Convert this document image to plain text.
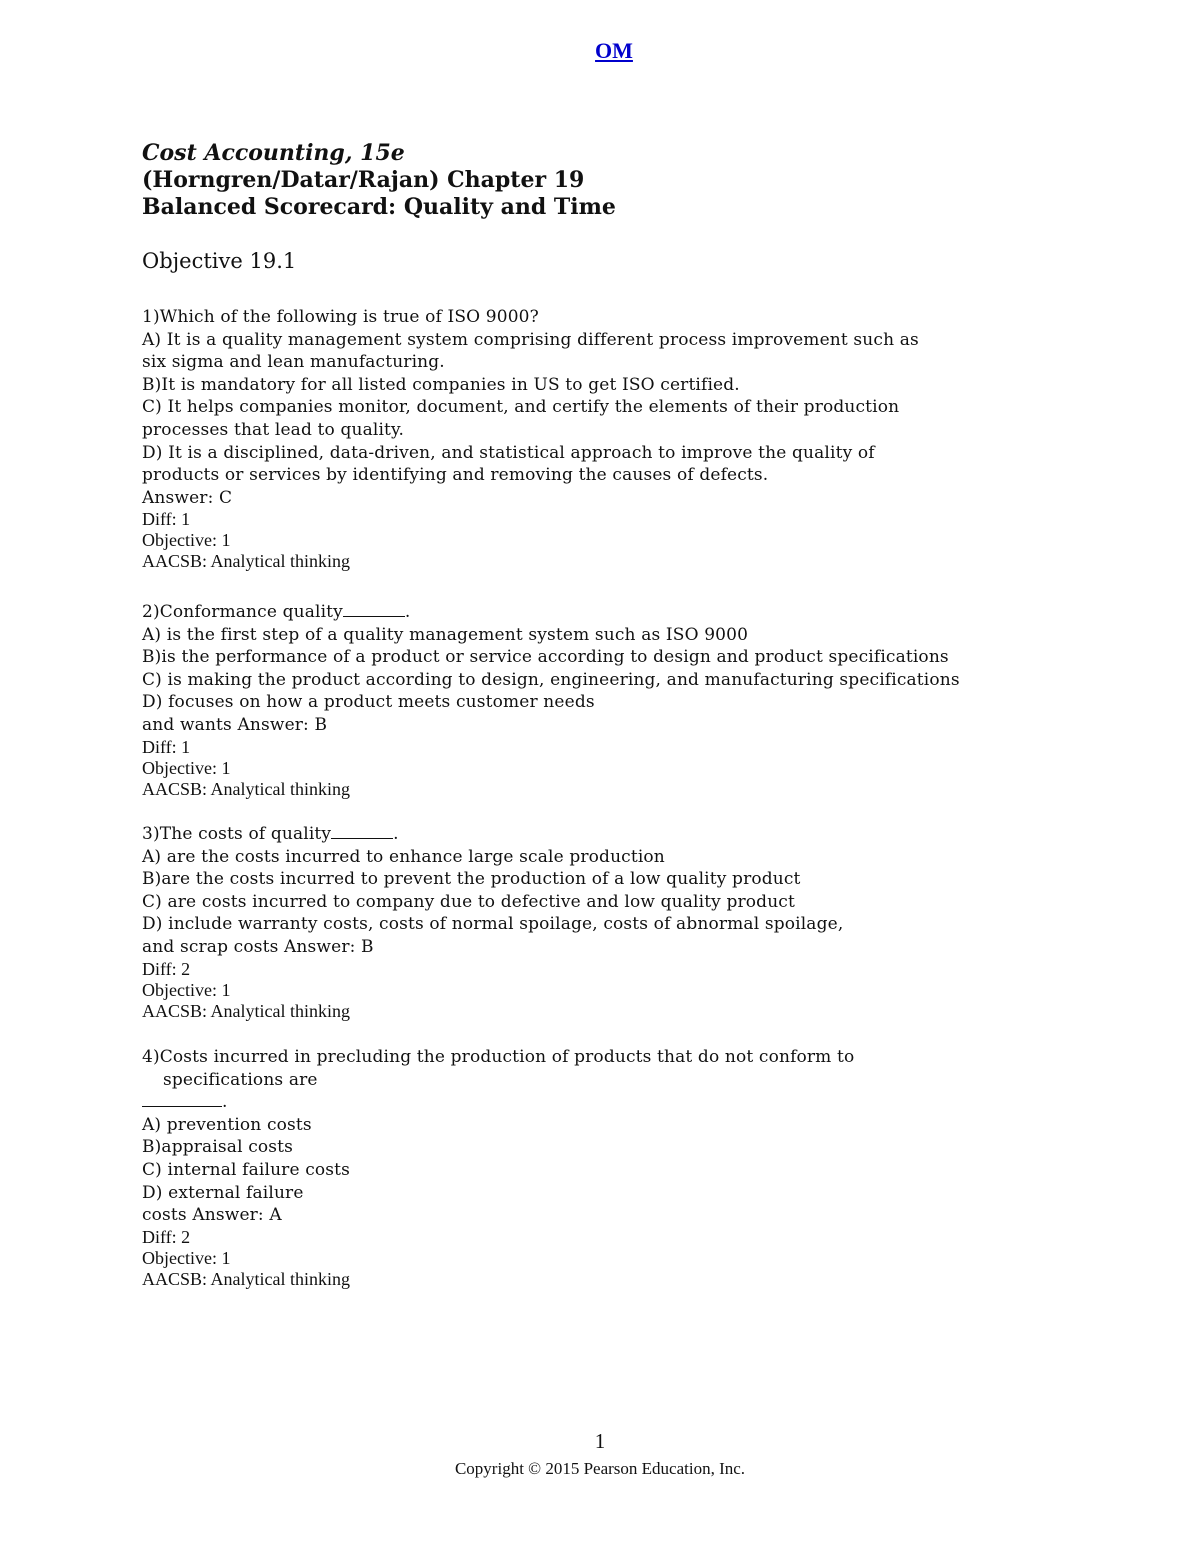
OM
Cost Accounting, 15e
(Horngren/Datar/Rajan) Chapter 19
Balanced Scorecard: Quality and Time
Objective 19.1
1)Which of the following is true of ISO 9000?
A) It is a quality management system comprising different process improvement such as
six sigma and lean manufacturing.
B)It is mandatory for all listed companies in US to get ISO certified.
C) It helps companies monitor, document, and certify the elements of their production
processes that lead to quality.
D) It is a disciplined, data-driven, and statistical approach to improve the quality of
products or services by identifying and removing the causes of defects.
Answer: C
Diff: 1
Objective: 1
AACSB: Analytical thinking
2)Conformance quality	.
A) is the first step of a quality management system such as ISO 9000
B)is the performance of a product or service according to design and product specifications
C) is making the product according to design, engineering, and manufacturing specifications
D) focuses on how a product meets customer needs
and wants Answer: B
Diff: 1
Objective: 1
AACSB: Analytical thinking
3)The costs of quality	.
A) are the costs incurred to enhance large scale production
B)are the costs incurred to prevent the production of a low quality product
C) are costs incurred to company due to defective and low quality product
D) include warranty costs, costs of normal spoilage, costs of abnormal spoilage,
and scrap costs Answer: B
Diff: 2
Objective: 1
AACSB: Analytical thinking
4)Costs incurred in precluding the production of products that do not conform to
specifications are
.
A) prevention costs
B)appraisal costs
C) internal failure costs
D) external failure
costs Answer: A
Diff: 2
Objective: 1
AACSB: Analytical thinking
1
Copyright © 2015 Pearson Education, Inc.
